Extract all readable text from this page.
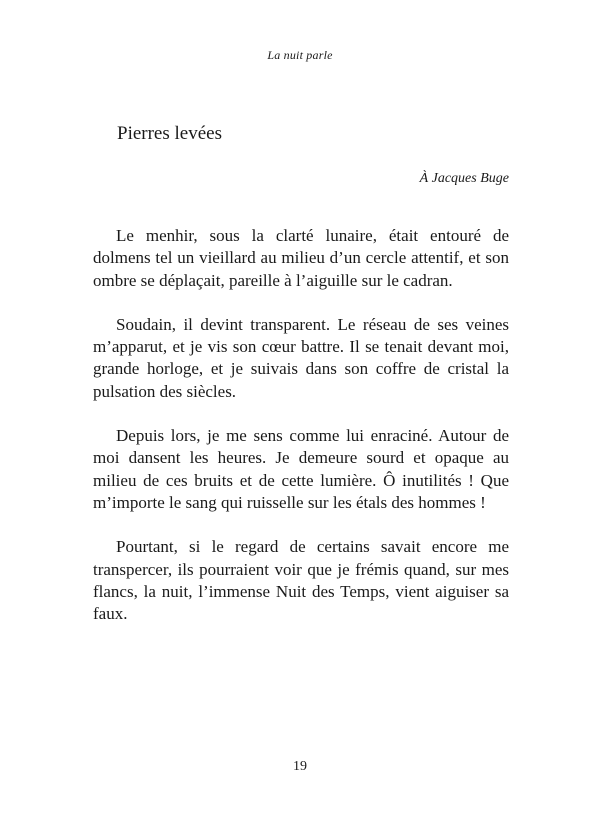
La nuit parle
Pierres levées
À Jacques Buge

Le menhir, sous la clarté lunaire, était entouré de dolmens tel un vieillard au milieu d’un cercle attentif, et son ombre se déplaçait, pareille à l’aiguille sur le cadran.

Soudain, il devint transparent. Le réseau de ses veines m’apparut, et je vis son cœur battre. Il se tenait devant moi, grande horloge, et je suivais dans son coffre de cristal la pulsation des siècles.

Depuis lors, je me sens comme lui enraciné. Autour de moi dansent les heures. Je demeure sourd et opaque au milieu de ces bruits et de cette lumière. Ô inutilités ! Que m’importe le sang qui ruisselle sur les étals des hommes !

Pourtant, si le regard de certains savait encore me transpercer, ils pourraient voir que je frémis quand, sur mes flancs, la nuit, l’immense Nuit des Temps, vient aiguiser sa faux.

19
